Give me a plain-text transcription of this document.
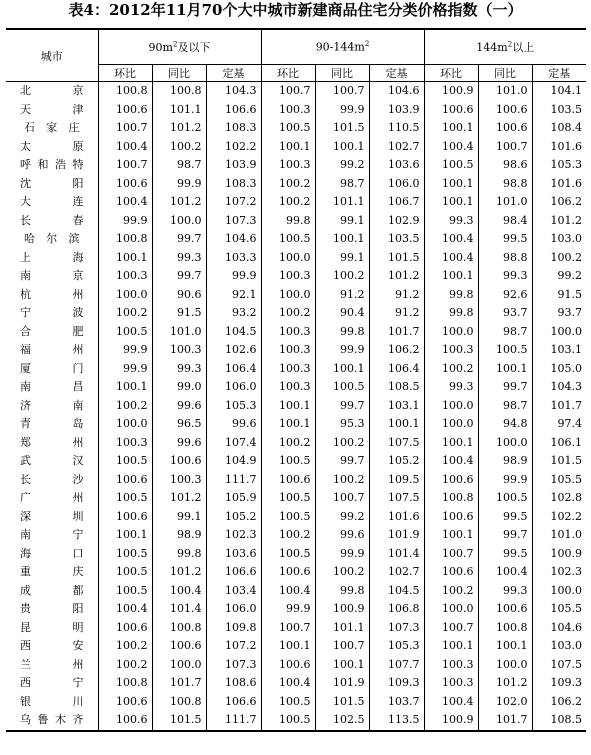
表4：2012年11月70个大中城市新建商品住宅分类价格指数（一）
城市	$90m^2$及以下			$90-144m^2$			$144m^2$以上		
	环比	同比	定基	环比	同比	定基	环比	同比	定基

北京	100.8	100.8	104.3	100.7	100.7	104.6	100.9	101.0	104.1

天津	100.6	101.1	106.6	100.3	99.9	103.9	100.6	100.6	103.5

石家庄	100.7	101.2	108.3	100.5	101.5	110.5	100.1	100.6	108.4

太原	100.4	100.2	102.2	100.1	100.1	102.7	100.4	100.7	101.6

呼和浩特	100.7	98.7	103.9	100.3	99.2	103.6	100.5	98.6	105.3

沈阳	100.6	99.9	108.3	100.2	98.7	106.0	100.1	98.8	101.6

大连	100.4	101.2	107.2	100.2	101.1	106.7	100.1	101.0	106.2

长春	99.9	100.0	107.3	99.8	99.1	102.9	99.3	98.4	101.2

哈尔滨	100.8	99.7	104.6	100.5	100.1	103.5	100.4	99.5	103.0

上海	100.1	99.3	103.3	100.0	99.1	101.5	100.4	98.8	100.2

南京	100.3	99.7	99.9	100.3	100.2	101.2	100.1	99.3	99.2

杭州	100.0	90.6	92.1	100.0	91.2	91.2	99.8	92.6	91.5

宁波	100.2	91.5	93.2	100.2	90.4	91.2	99.8	93.7	93.7

合肥	100.5	101.0	104.5	100.3	99.8	101.7	100.0	98.7	100.0

福州	99.9	100.3	102.6	100.3	99.9	106.2	100.3	100.5	103.1

厦门	99.9	99.3	106.4	100.3	100.1	106.4	100.2	100.1	105.0

南昌	100.1	99.0	106.0	100.3	100.5	108.5	99.3	99.7	104.3

济南	100.2	99.6	105.3	100.1	99.7	103.1	100.0	98.7	101.7

青岛	100.0	96.5	99.6	100.1	95.3	100.1	100.0	94.8	97.4

郑州	100.3	99.6	107.4	100.2	100.2	107.5	100.1	100.0	106.1

武汉	100.5	100.6	104.9	100.5	99.7	105.2	100.4	98.9	101.5

长沙	100.6	100.3	111.7	100.6	100.2	109.5	100.6	99.9	105.5

广州	100.5	101.2	105.9	100.5	100.7	107.5	100.8	100.5	102.8

深圳	100.6	99.1	105.2	100.5	99.2	101.6	100.6	99.5	102.2

南宁	100.1	98.9	102.3	100.2	99.6	101.9	100.1	99.7	101.0

海口	100.5	99.8	103.6	100.5	99.9	101.4	100.7	99.5	100.9

重庆	100.5	101.2	106.6	100.6	100.2	102.7	100.6	100.4	102.3

成都	100.5	100.4	103.4	100.4	99.8	104.5	100.2	99.3	100.0

贵阳	100.4	101.4	106.0	99.9	100.9	106.8	100.0	100.6	105.5

昆明	100.6	100.8	109.8	100.7	101.1	107.3	100.7	100.8	104.6

西安	100.2	100.6	107.2	100.1	100.7	105.3	100.1	100.1	103.0

兰州	100.2	100.0	107.3	100.6	100.1	107.7	100.3	100.0	107.5

西宁	100.8	101.7	108.6	100.4	101.9	109.3	100.3	101.2	109.3

银川	100.6	100.8	106.6	100.5	101.5	103.7	100.4	102.0	106.2

乌鲁木齐	100.6	101.5	111.7	100.5	102.5	113.5	100.9	101.7	108.5
